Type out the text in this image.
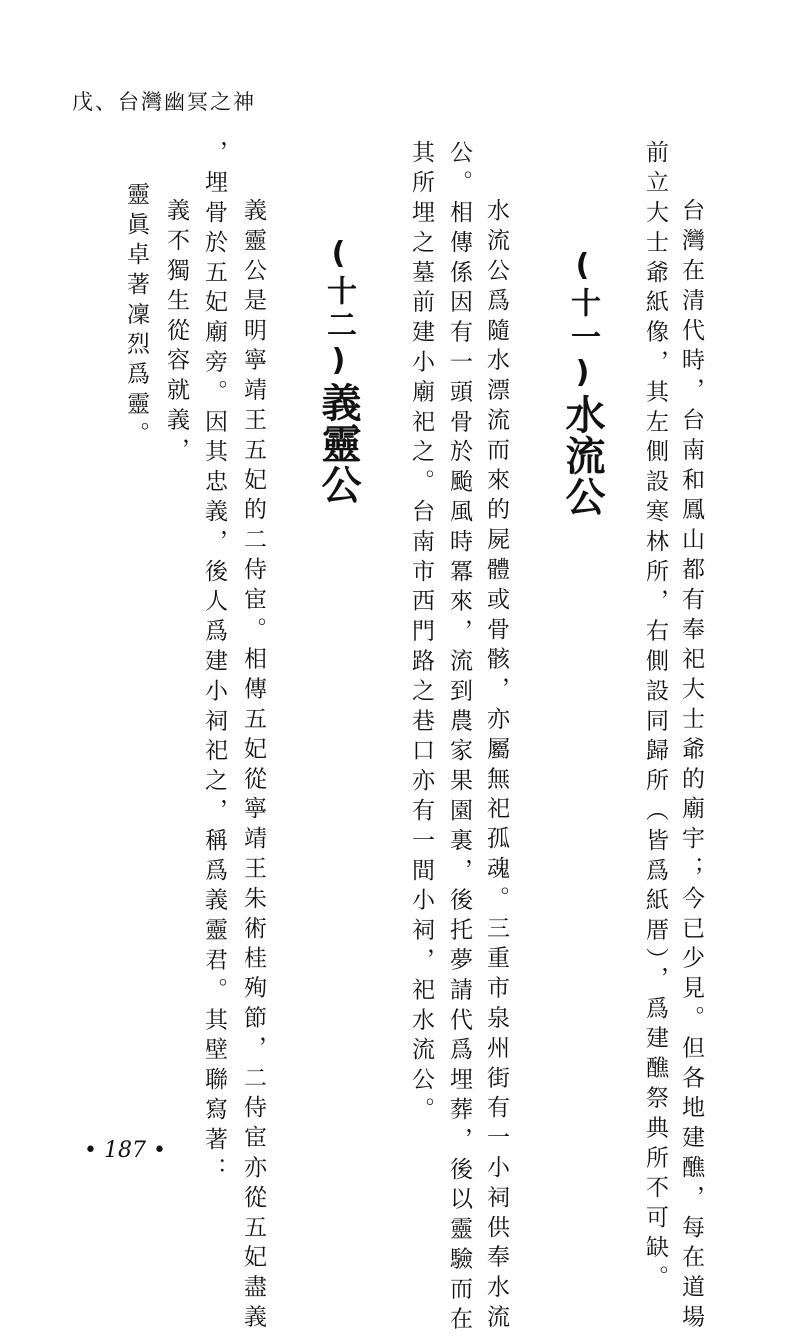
戊、台灣幽冥之神
台灣在清代時，台南和鳳山都有奉祀大士爺的廟宇；今已少見。但各地建醮，每在道場
前立大士爺紙像，其左側設寒林所，右側設同歸所（皆爲紙厝），爲建醮祭典所不可缺。
(十一)水流公
水流公爲隨水漂流而來的屍體或骨骸，亦屬無祀孤魂。三重市泉州街有一小祠供奉水流
公。相傳係因有一頭骨於颱風時冪來，流到農家果園裏，後托夢請代爲埋葬，後以靈驗而在
其所埋之墓前建小廟祀之。台南市西門路之巷口亦有一間小祠，祀水流公。
(十二)義靈公
義靈公是明寧靖王五妃的二侍宦。相傳五妃從寧靖王朱術桂殉節，二侍宦亦從五妃盡義
，埋骨於五妃廟旁。因其忠義，後人爲建小祠祀之，稱爲義靈君。其壁聯寫著：
義不獨生從容就義，
靈眞卓著凜烈爲靈。
• 187 •
